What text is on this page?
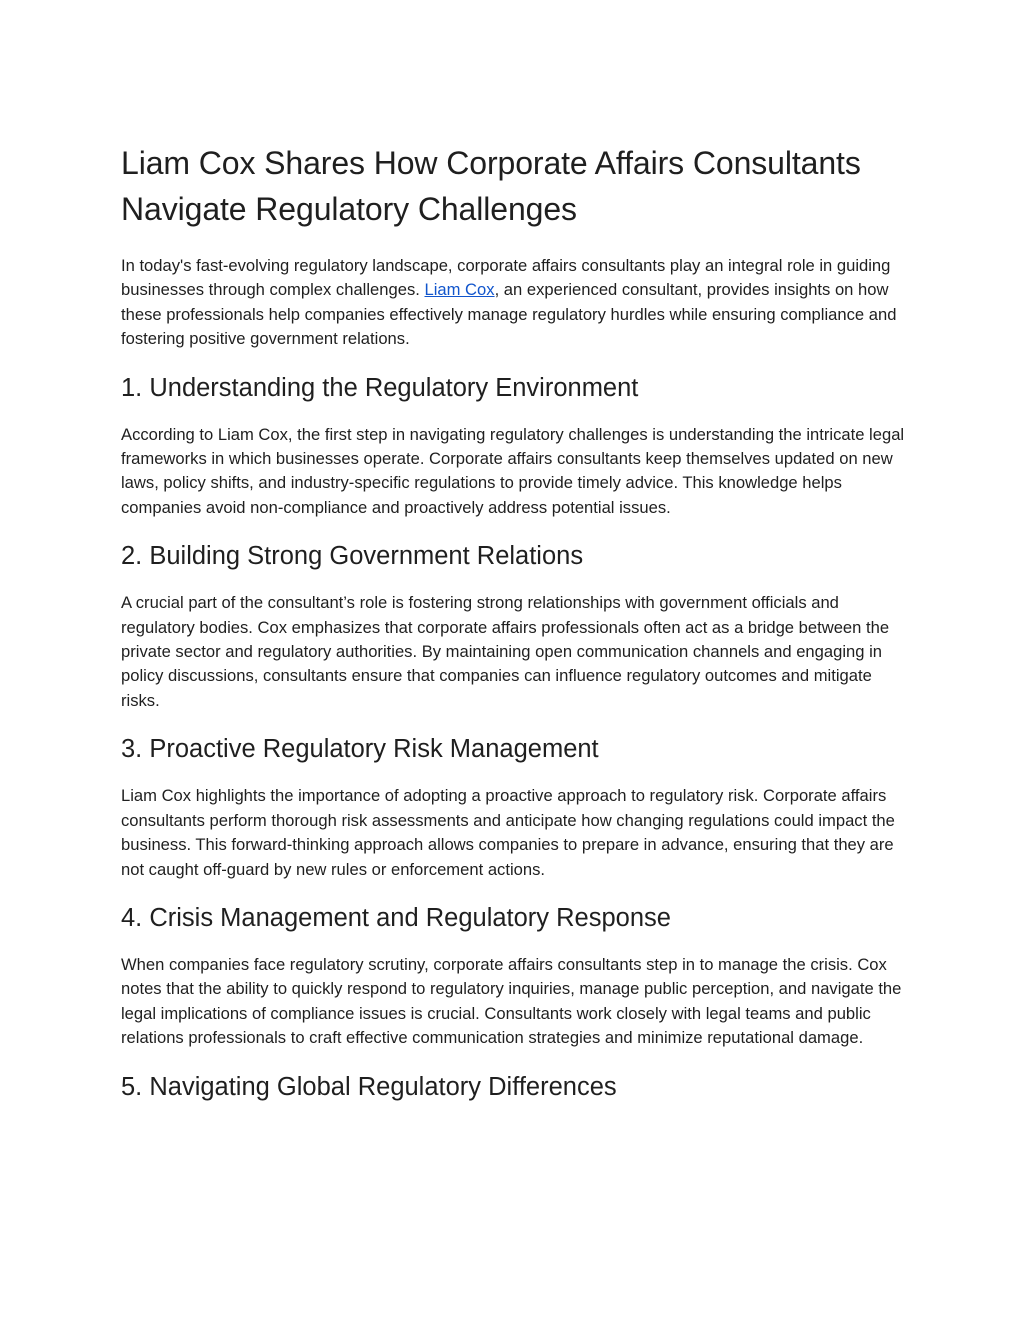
Liam Cox Shares How Corporate Affairs Consultants Navigate Regulatory Challenges

In today's fast-evolving regulatory landscape, corporate affairs consultants play an integral role in guiding businesses through complex challenges. Liam Cox, an experienced consultant, provides insights on how these professionals help companies effectively manage regulatory hurdles while ensuring compliance and fostering positive government relations.

1. Understanding the Regulatory Environment

According to Liam Cox, the first step in navigating regulatory challenges is understanding the intricate legal frameworks in which businesses operate. Corporate affairs consultants keep themselves updated on new laws, policy shifts, and industry-specific regulations to provide timely advice. This knowledge helps companies avoid non-compliance and proactively address potential issues.

2. Building Strong Government Relations

A crucial part of the consultant’s role is fostering strong relationships with government officials and regulatory bodies. Cox emphasizes that corporate affairs professionals often act as a bridge between the private sector and regulatory authorities. By maintaining open communication channels and engaging in policy discussions, consultants ensure that companies can influence regulatory outcomes and mitigate risks.

3. Proactive Regulatory Risk Management

Liam Cox highlights the importance of adopting a proactive approach to regulatory risk. Corporate affairs consultants perform thorough risk assessments and anticipate how changing regulations could impact the business. This forward-thinking approach allows companies to prepare in advance, ensuring that they are not caught off-guard by new rules or enforcement actions.

4. Crisis Management and Regulatory Response

When companies face regulatory scrutiny, corporate affairs consultants step in to manage the crisis. Cox notes that the ability to quickly respond to regulatory inquiries, manage public perception, and navigate the legal implications of compliance issues is crucial. Consultants work closely with legal teams and public relations professionals to craft effective communication strategies and minimize reputational damage.

5. Navigating Global Regulatory Differences
